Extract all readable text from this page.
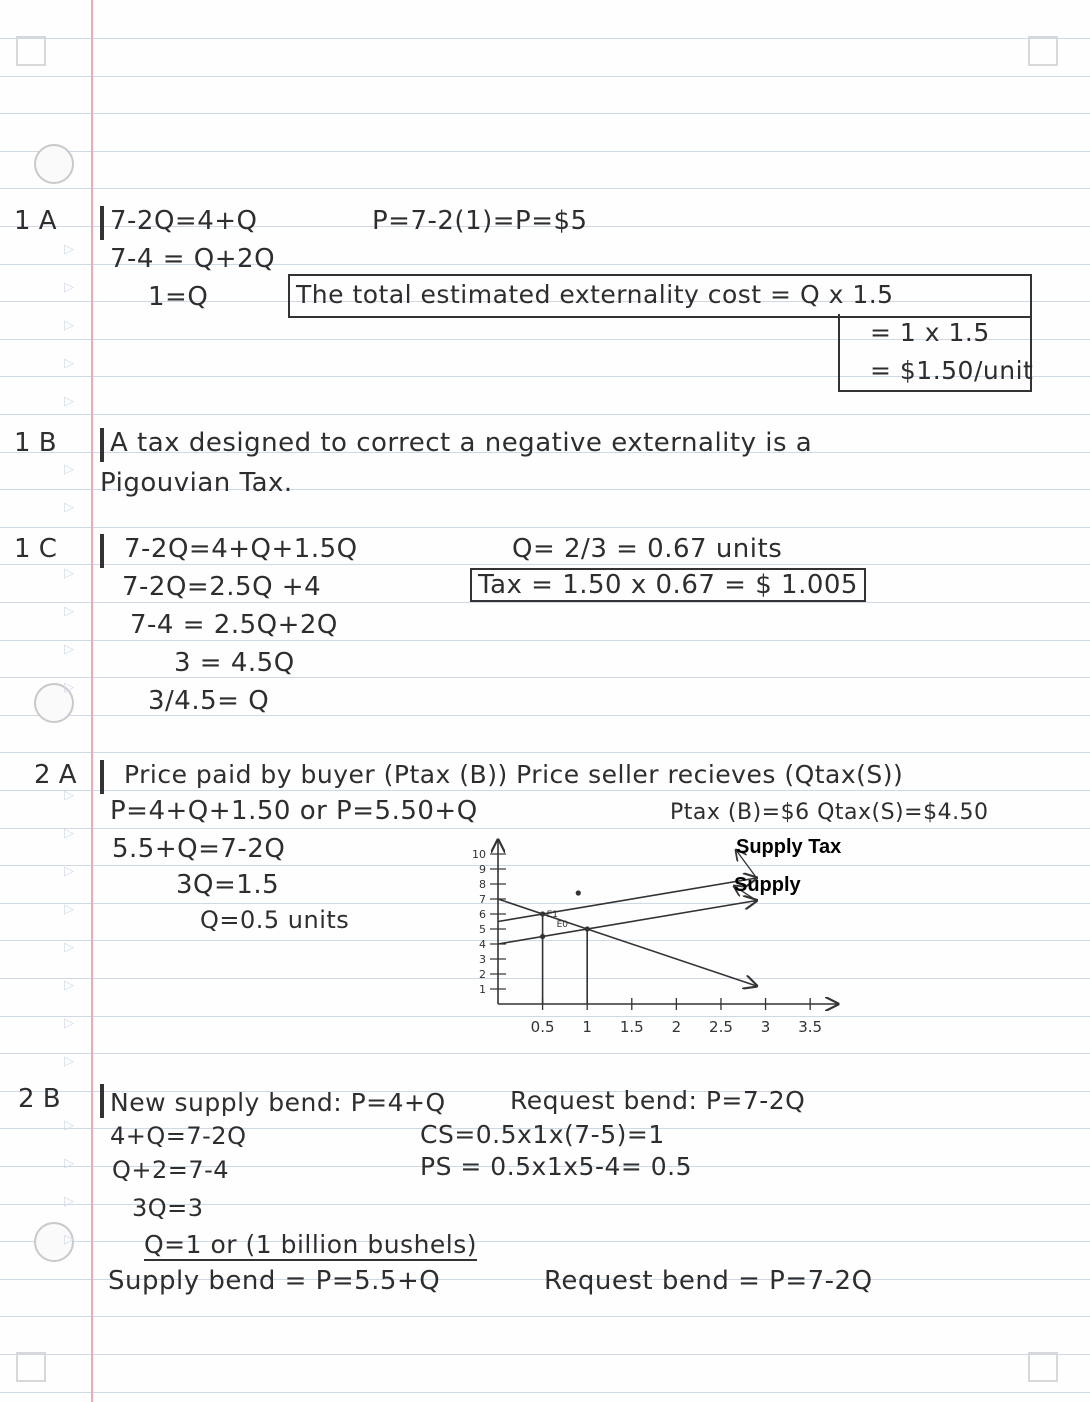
1 A 7-2Q=4+Q	P=7-2(1)=P=$5
7-4 = Q+2Q
1=Q	The total estimated externality cost = Q x 1.5
= 1 x 1.5
= $1.50/unit
1 B A tax designed to correct a negative externality is a
Pigouvian Tax.
1 C	7-2Q=4+Q+1.5Q	Q= 2/3 = 0.67 units
7-2Q=2.5Q +4	Tax = 1.50 x 0.67 = $ 1.005
7-4 = 2.5Q+2Q
3 = 4.5Q
3/4.5= Q
2 A Price paid by buyer (Ptax (B)) Price seller recieves (Qtax(S))
P=4+Q+1.50 or P=5.50+Q	Ptax (B)=$6 Qtax(S)=$4.50
5.5+Q=7-2Q
3Q=1.5
Q=0.5 units
0.5 1 1.5 2 2.5 3 3.5
1
2
3
4
5
6
7
8
9
10
E1
E0
Supply Tax
Supply
2 B New supply bend: P=4+Q	Request bend: P=7-2Q
4+Q=7-2Q	CS=0.5x1x(7-5)=1
Q+2=7-4	PS = 0.5x1x5-4= 0.5
3Q=3
Q=1 or (1 billion bushels)
Supply bend = P=5.5+Q	Request bend = P=7-2Q
▷
▷
▷
▷
▷
▷
▷
▷
▷
▷
▷
▷
▷
▷
▷
▷
▷
▷
▷
▷
▷
▷
▷
